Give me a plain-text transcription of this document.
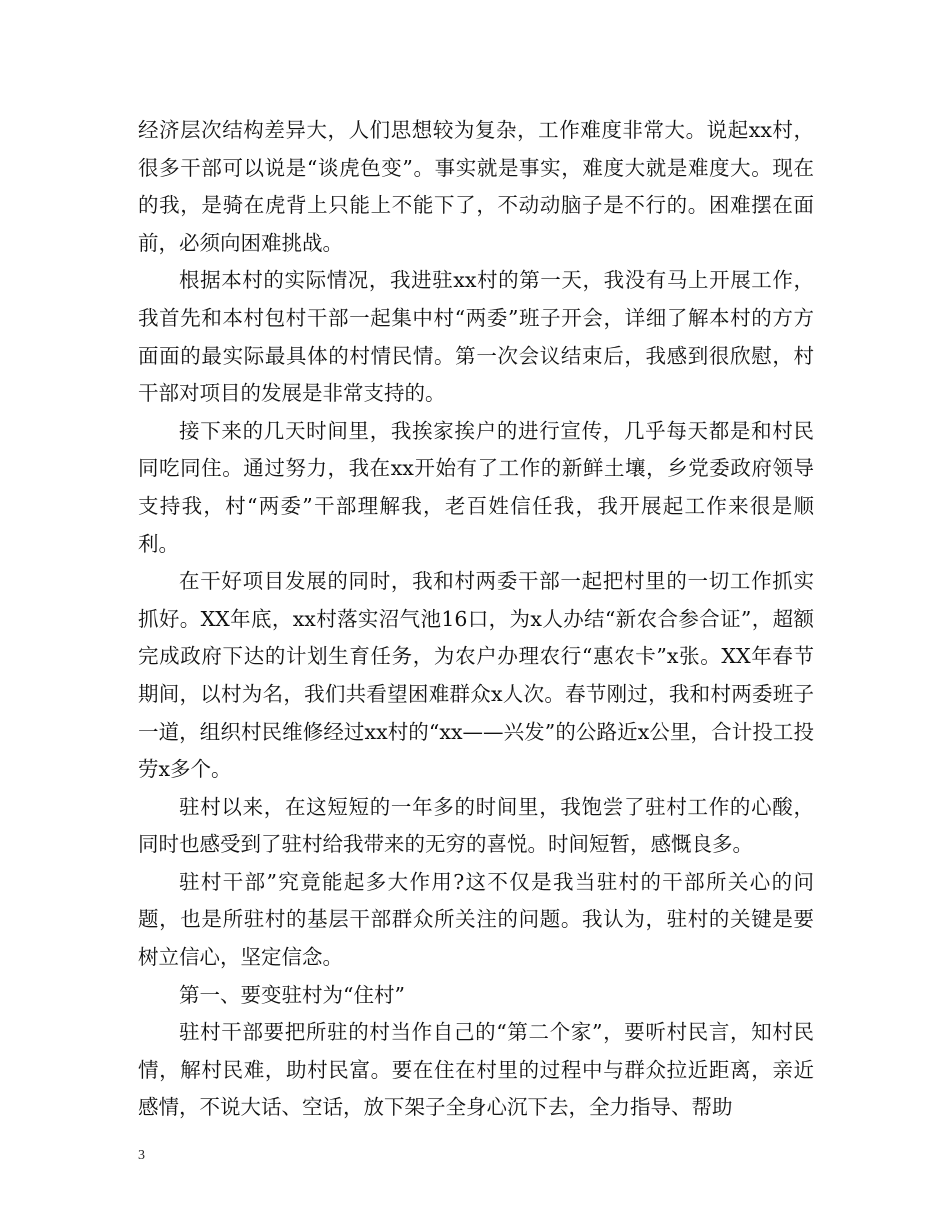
经济层次结构差异大，人们思想较为复杂，工作难度非常大。说起xx村，很多干部可以说是“谈虎色变”。事实就是事实，难度大就是难度大。现在的我，是骑在虎背上只能上不能下了，不动动脑子是不行的。困难摆在面前，必须向困难挑战。

根据本村的实际情况，我进驻xx村的第一天，我没有马上开展工作，我首先和本村包村干部一起集中村“两委”班子开会，详细了解本村的方方面面的最实际最具体的村情民情。第一次会议结束后，我感到很欣慰，村干部对项目的发展是非常支持的。

接下来的几天时间里，我挨家挨户的进行宣传，几乎每天都是和村民同吃同住。通过努力，我在xx开始有了工作的新鲜土壤，乡党委政府领导支持我，村“两委”干部理解我，老百姓信任我，我开展起工作来很是顺利。

在干好项目发展的同时，我和村两委干部一起把村里的一切工作抓实抓好。XX年底，xx村落实沼气池16口，为x人办结“新农合参合证”，超额完成政府下达的计划生育任务，为农户办理农行“惠农卡”x张。XX年春节期间，以村为名，我们共看望困难群众x人次。春节刚过，我和村两委班子一道，组织村民维修经过xx村的“xx——兴发”的公路近x公里，合计投工投劳x多个。

驻村以来，在这短短的一年多的时间里，我饱尝了驻村工作的心酸，同时也感受到了驻村给我带来的无穷的喜悦。时间短暂，感慨良多。

驻村干部”究竟能起多大作用?这不仅是我当驻村的干部所关心的问题，也是所驻村的基层干部群众所关注的问题。我认为，驻村的关键是要树立信心，坚定信念。

第一、要变驻村为“住村”

驻村干部要把所驻的村当作自己的“第二个家”，要听村民言，知村民情，解村民难，助村民富。要在住在村里的过程中与群众拉近距离，亲近感情，不说大话、空话，放下架子全身心沉下去，全力指导、帮助

3
